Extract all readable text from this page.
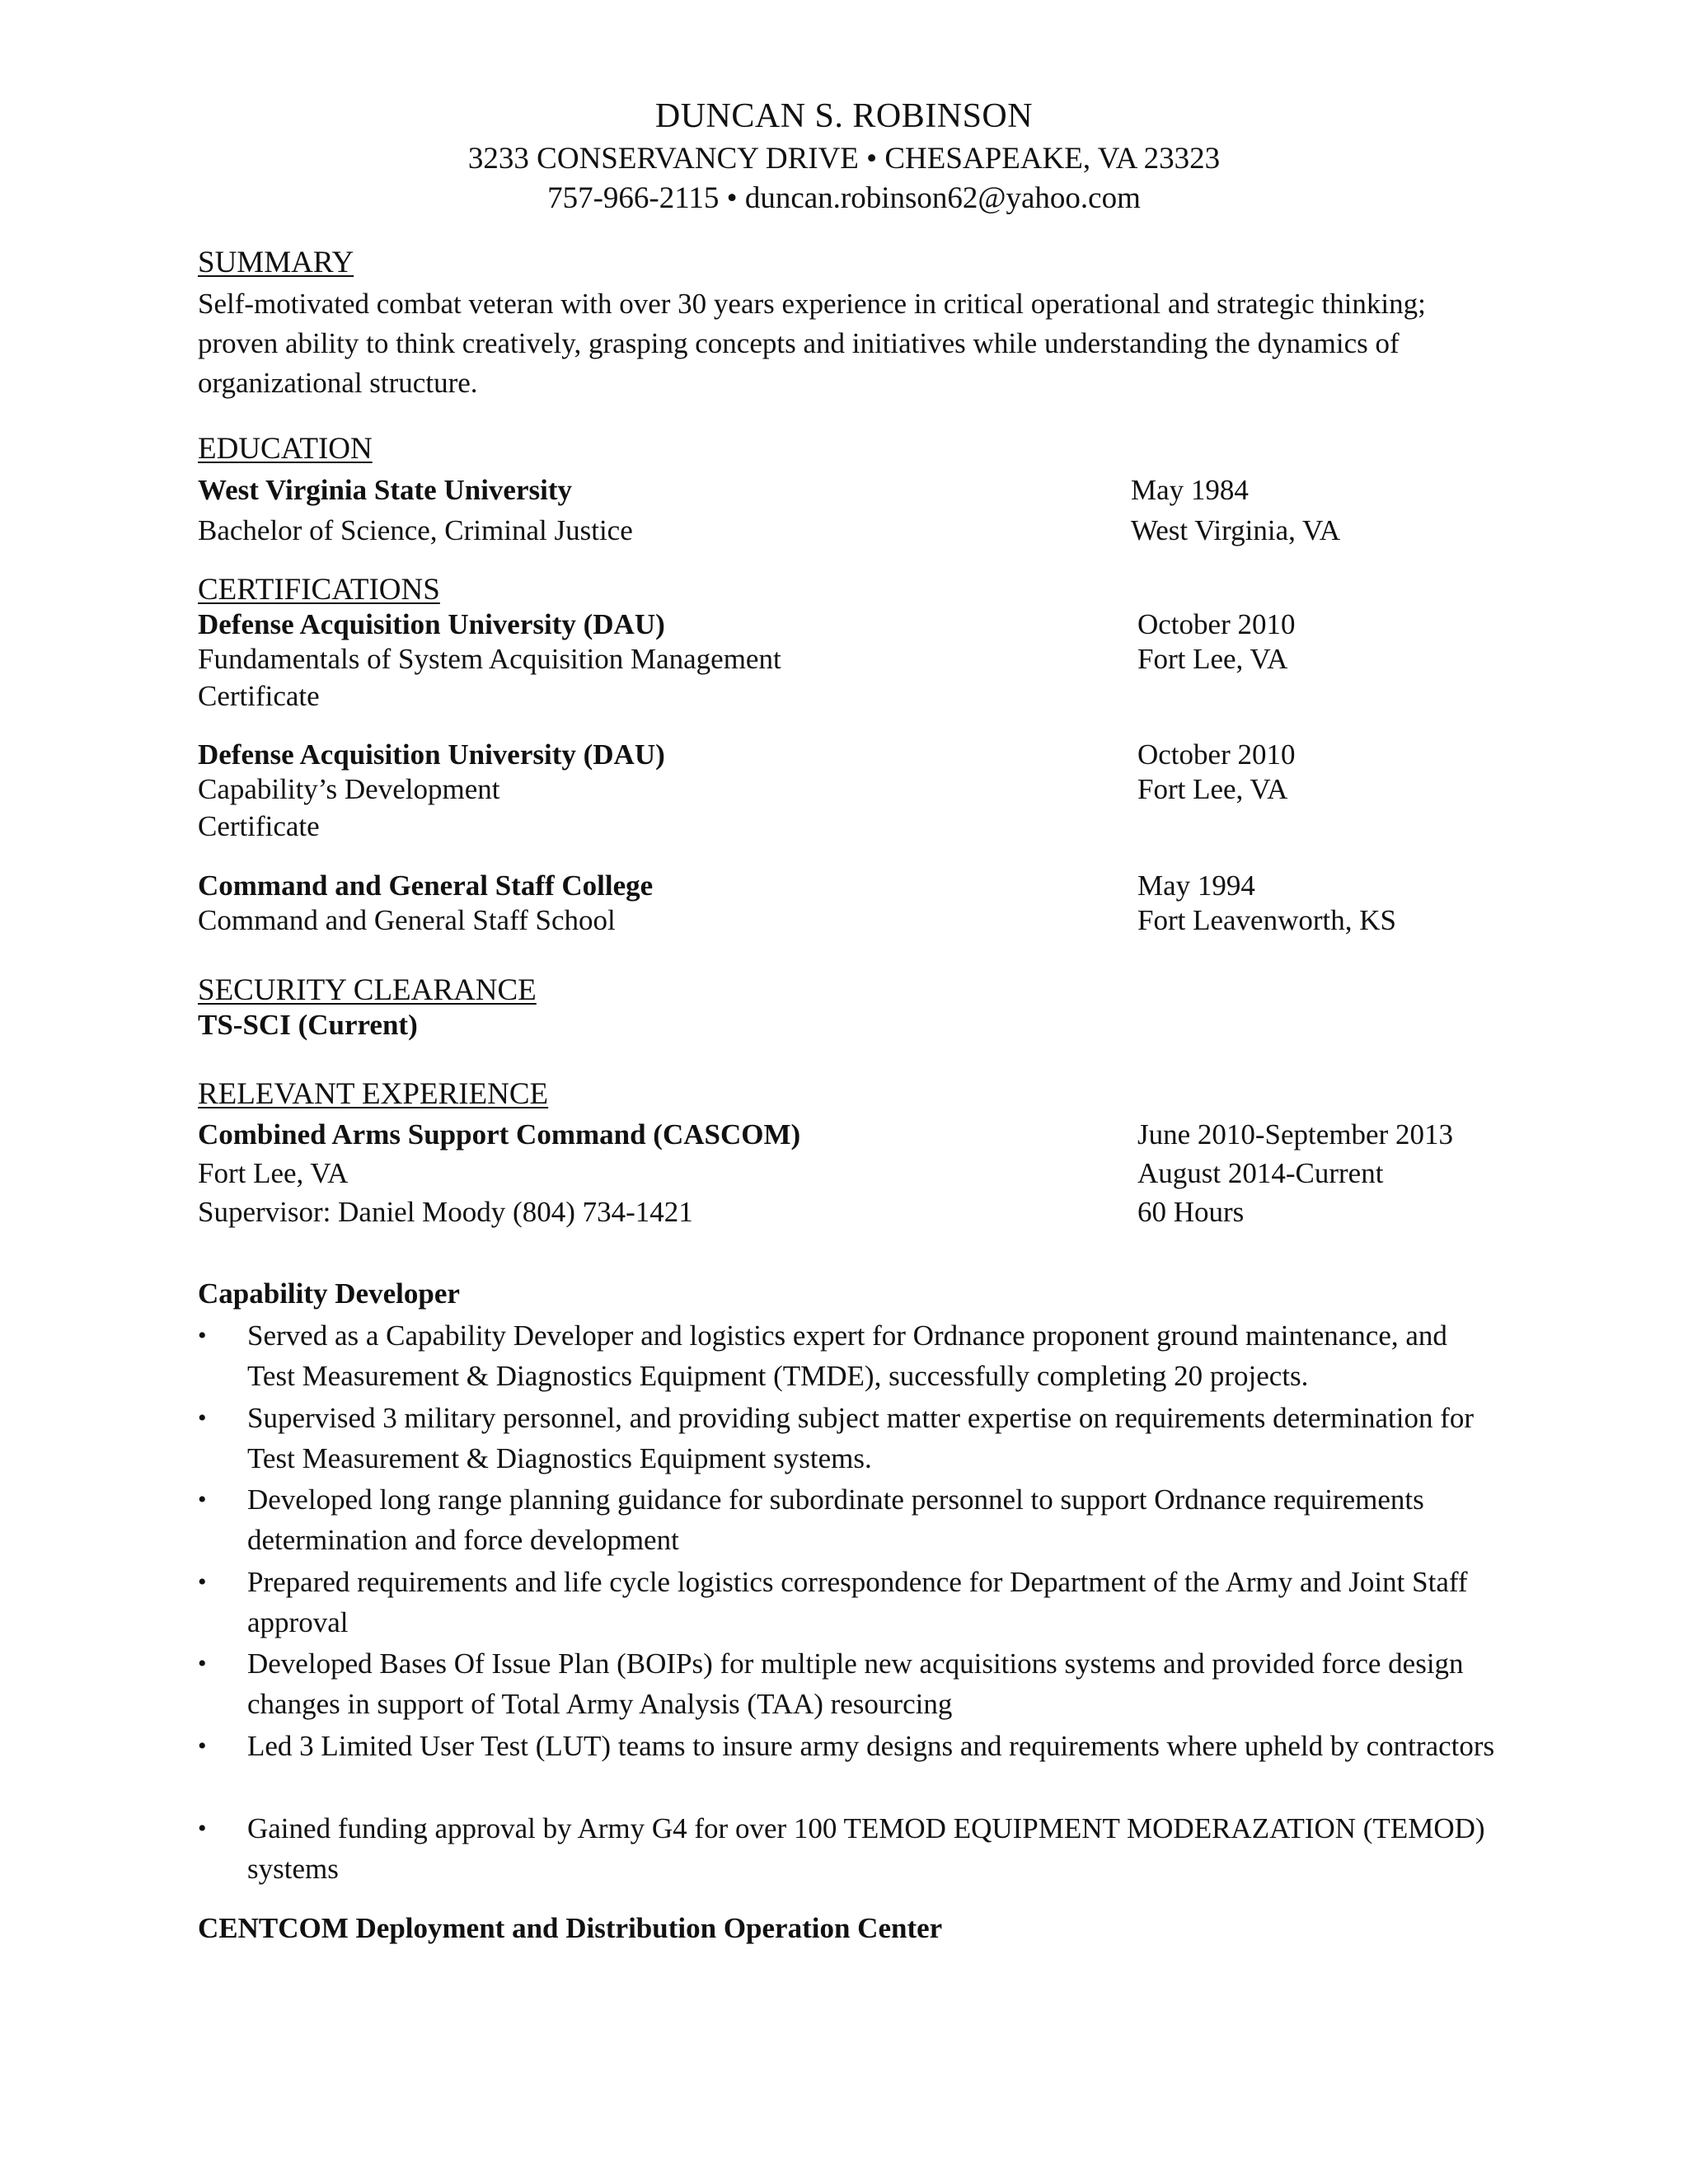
DUNCAN S. ROBINSON
3233 CONSERVANCY DRIVE • CHESAPEAKE, VA 23323
757-966-2115 • duncan.robinson62@yahoo.com
SUMMARY
Self-motivated combat veteran with over 30 years experience in critical operational and strategic thinking; proven ability to think creatively, grasping concepts and initiatives while understanding the dynamics of organizational structure.
EDUCATION
West Virginia State University	May 1984
Bachelor of Science, Criminal Justice	West Virginia, VA
CERTIFICATIONS
Defense Acquisition University (DAU)	October 2010
Fundamentals of System Acquisition Management	Fort Lee, VA
Certificate
Defense Acquisition University (DAU)	October 2010
Capability’s Development	Fort Lee, VA
Certificate
Command and General Staff College	May 1994
Command and General Staff School	Fort Leavenworth, KS
SECURITY CLEARANCE
TS-SCI (Current)
RELEVANT EXPERIENCE
Combined Arms Support Command (CASCOM)	June 2010-September 2013
Fort Lee, VA	August 2014-Current
Supervisor: Daniel Moody (804) 734-1421	60 Hours
Capability Developer
• Served as a Capability Developer and logistics expert for Ordnance proponent ground maintenance, and Test Measurement & Diagnostics Equipment (TMDE), successfully completing 20 projects.
• Supervised 3 military personnel, and providing subject matter expertise on requirements determination for Test Measurement & Diagnostics Equipment systems.
• Developed long range planning guidance for subordinate personnel to support Ordnance requirements determination and force development
• Prepared requirements and life cycle logistics correspondence for Department of the Army and Joint Staff approval
• Developed Bases Of Issue Plan (BOIPs) for multiple new acquisitions systems and provided force design changes in support of Total Army Analysis (TAA) resourcing
• Led 3 Limited User Test (LUT) teams to insure army designs and requirements where upheld by contractors
• Gained funding approval by Army G4 for over 100 TEMOD EQUIPMENT MODERAZATION (TEMOD) systems
CENTCOM Deployment and Distribution Operation Center
